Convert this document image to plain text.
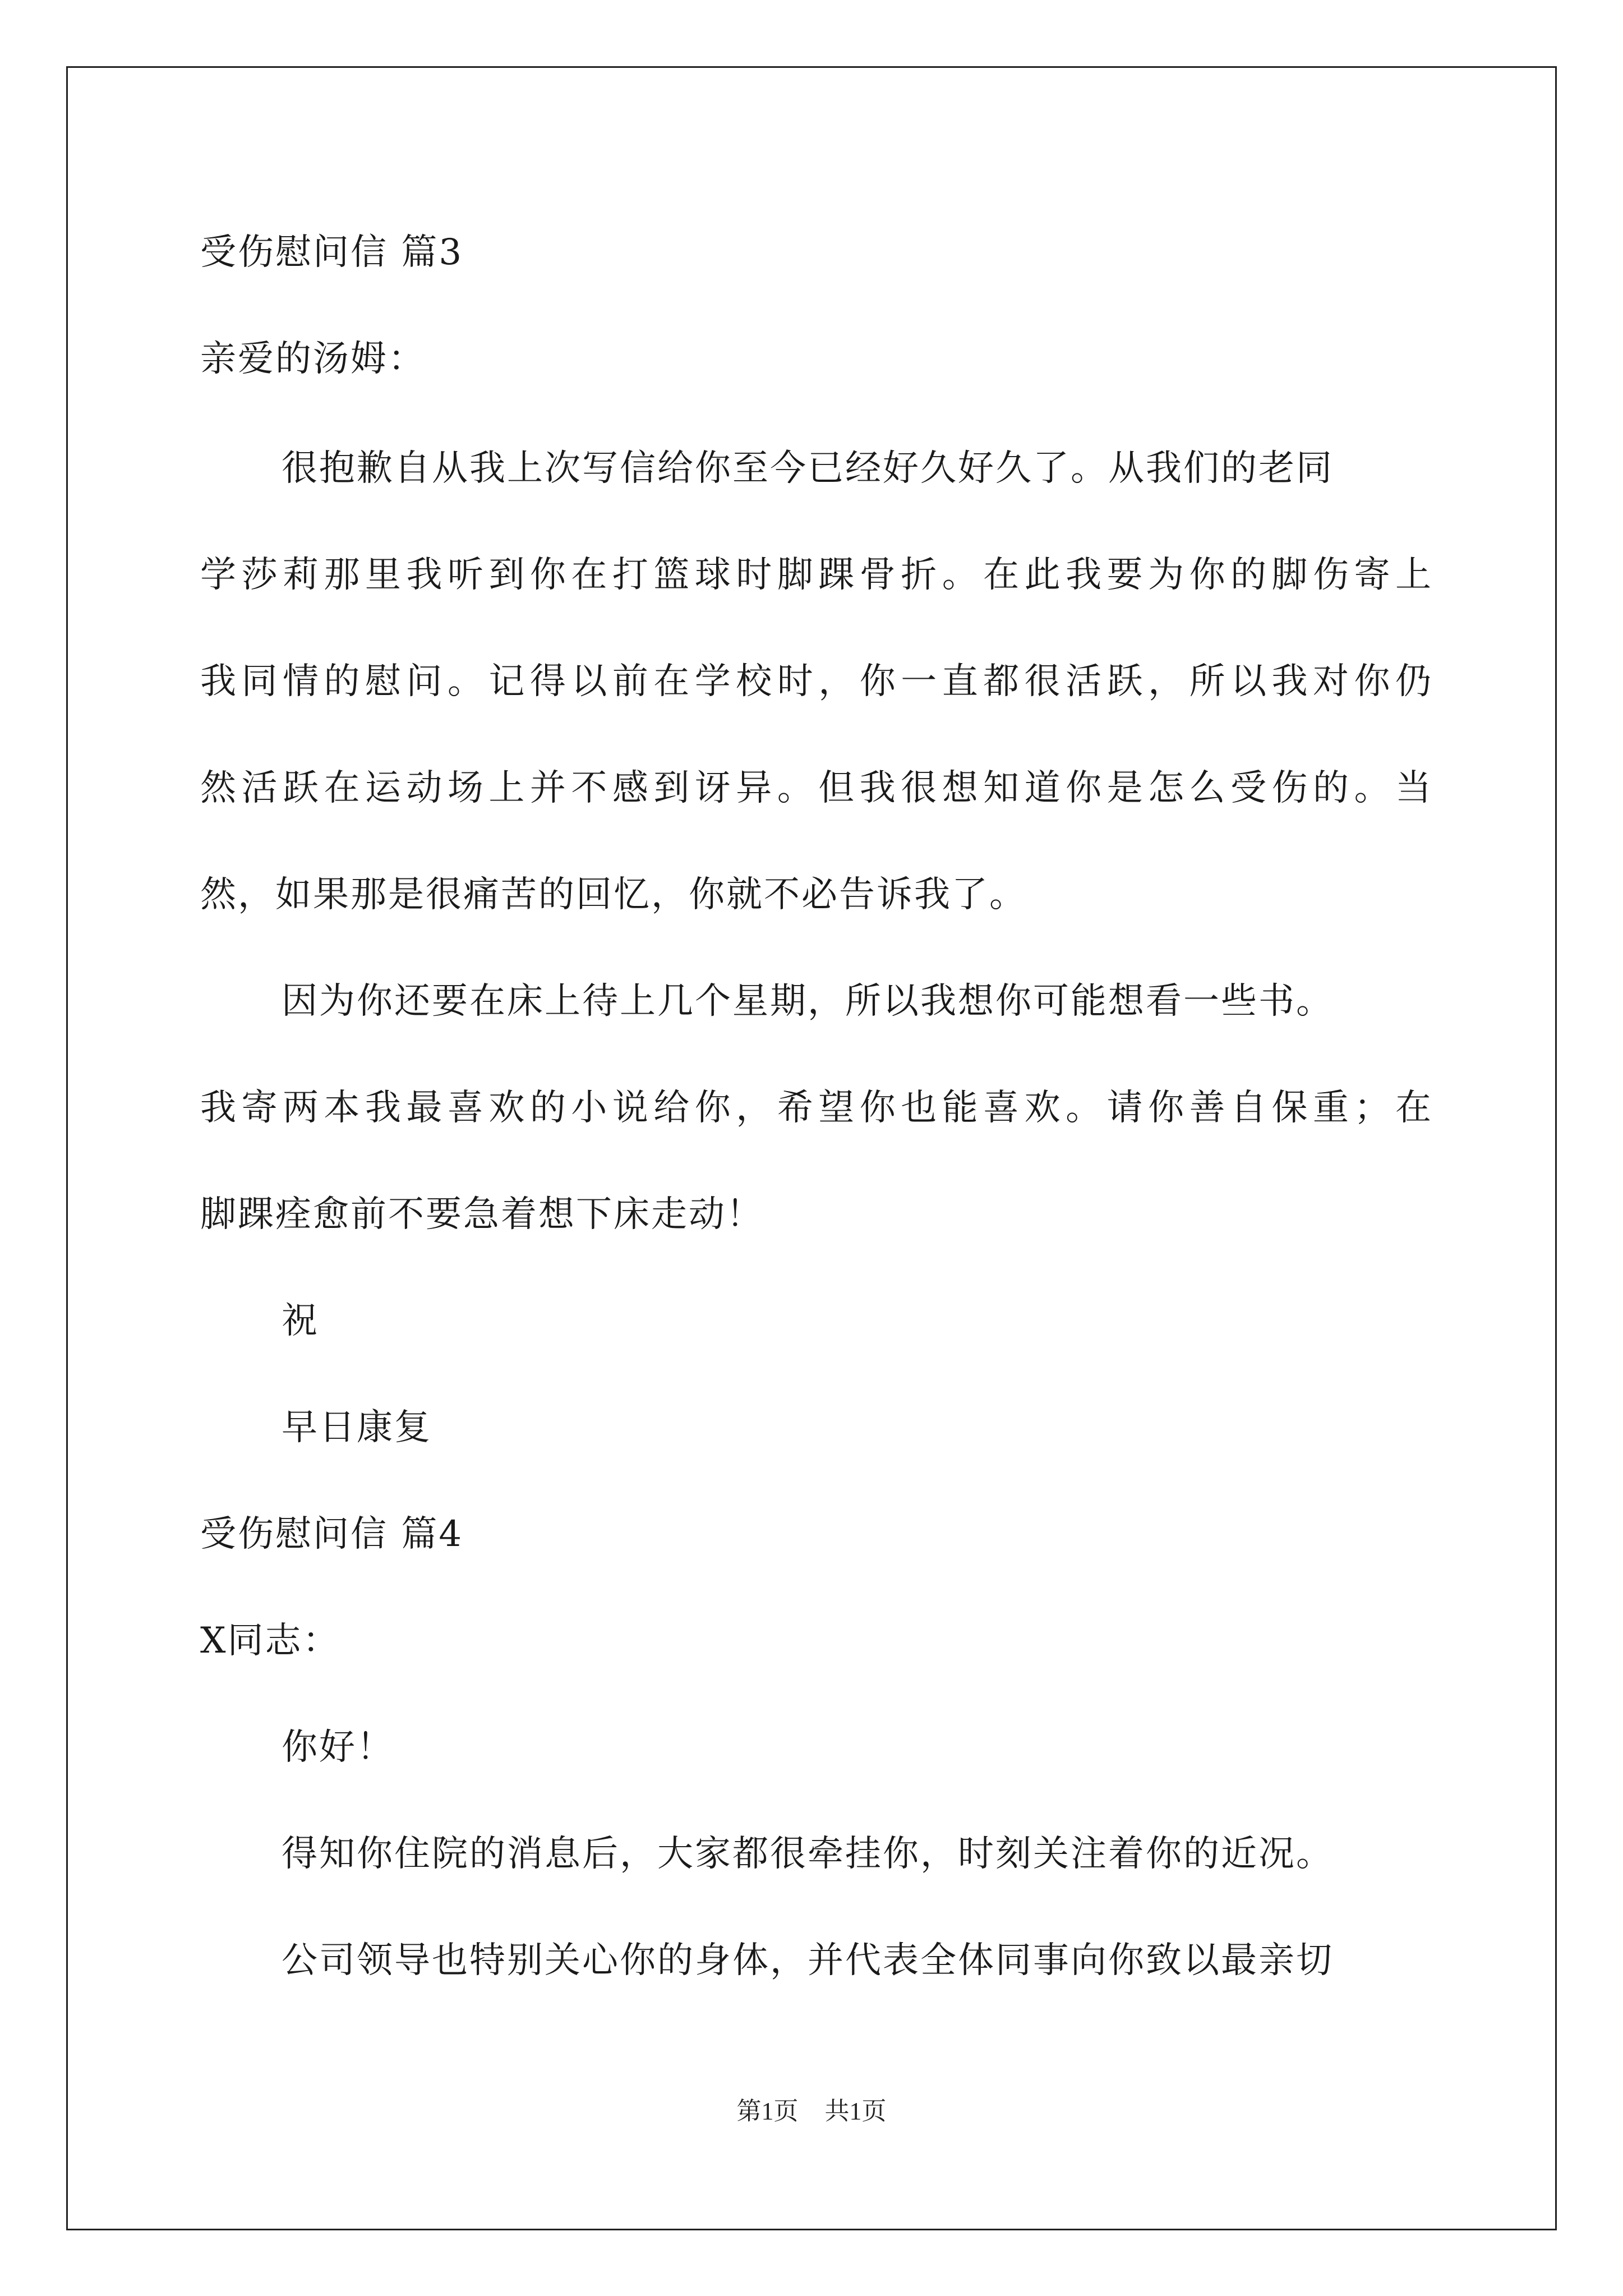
受伤慰问信 篇3
亲爱的汤姆：
很抱歉自从我上次写信给你至今已经好久好久了。从我们的老同
学莎莉那里我听到你在打篮球时脚踝骨折。在此我要为你的脚伤寄上
我同情的慰问。记得以前在学校时，你一直都很活跃，所以我对你仍
然活跃在运动场上并不感到讶异。但我很想知道你是怎么受伤的。当
然，如果那是很痛苦的回忆，你就不必告诉我了。
因为你还要在床上待上几个星期，所以我想你可能想看一些书。
我寄两本我最喜欢的小说给你，希望你也能喜欢。请你善自保重；在
脚踝痊愈前不要急着想下床走动！
祝
早日康复
受伤慰问信 篇4
X同志：
你好！
得知你住院的消息后，大家都很牵挂你，时刻关注着你的近况。
公司领导也特别关心你的身体，并代表全体同事向你致以最亲切
第1页 共1页
